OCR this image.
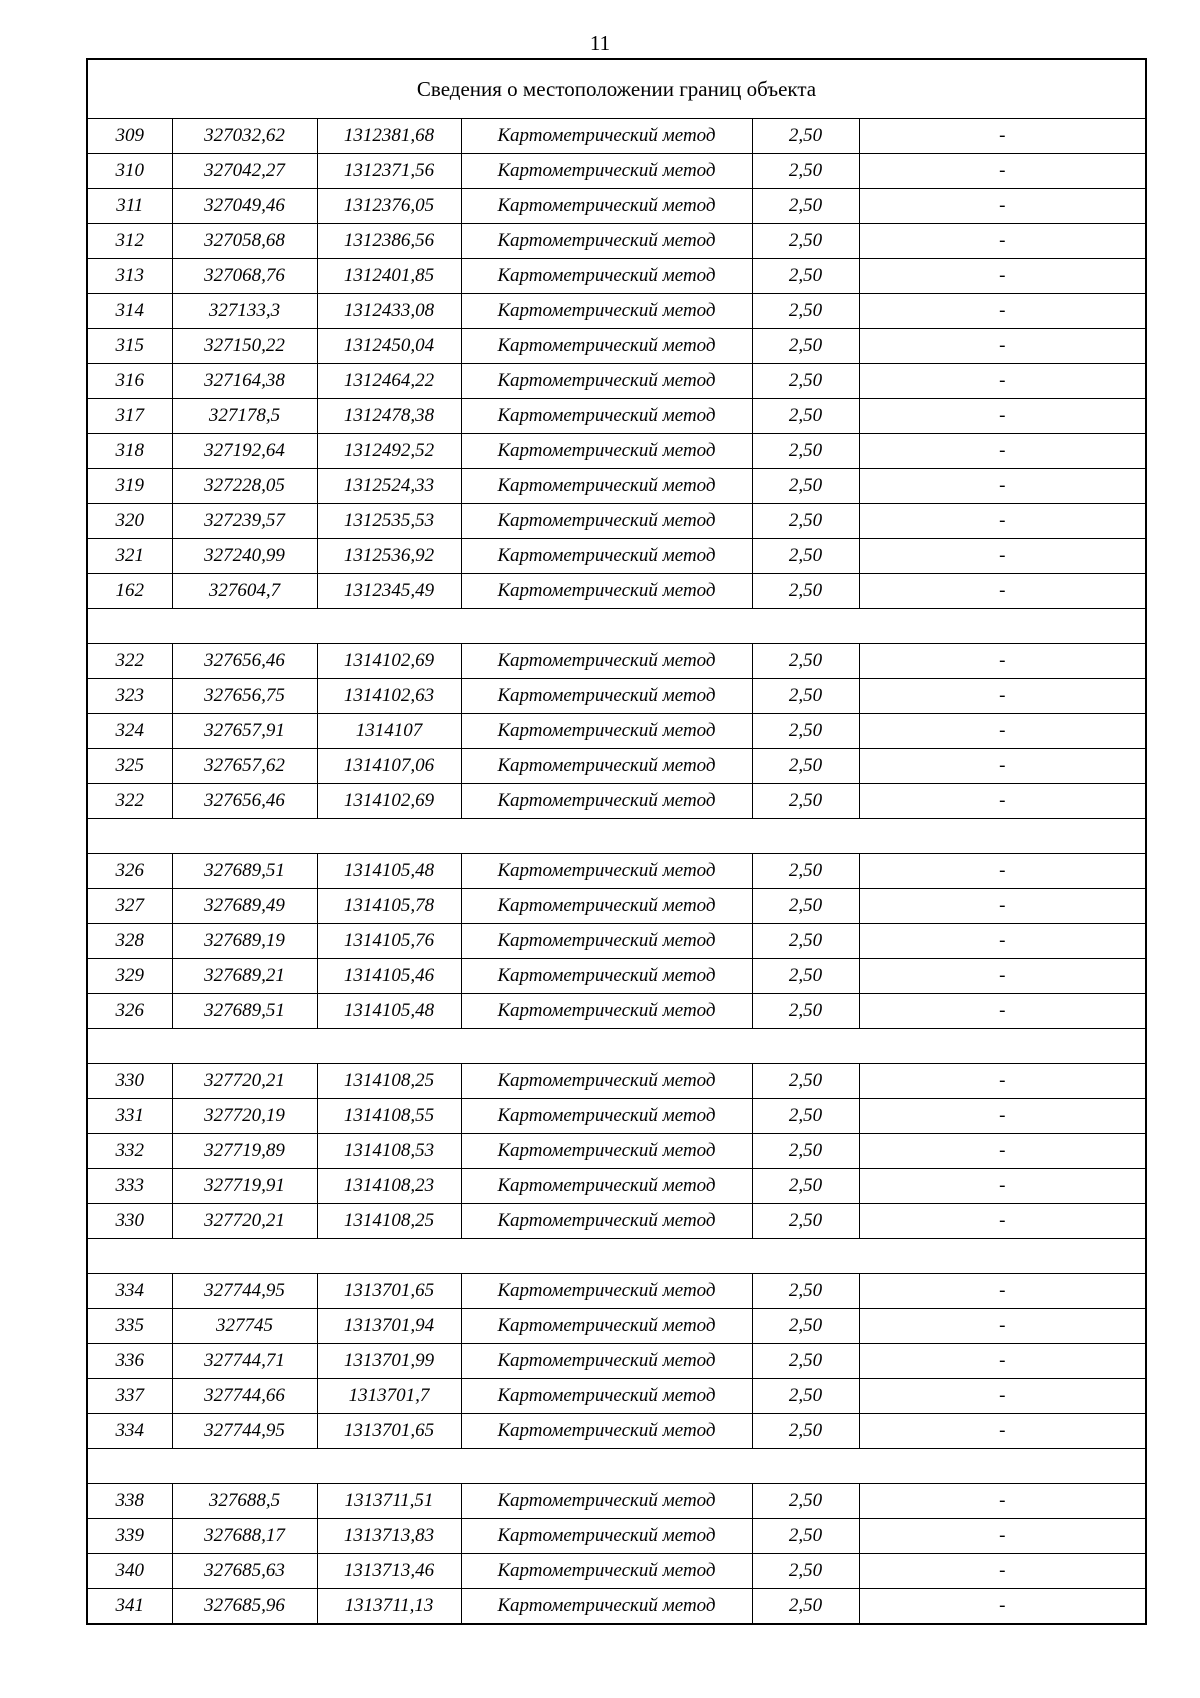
11
Сведения о местоположении границ объекта					
309	327032,62	1312381,68	Картометрический метод	2,50	-
310	327042,27	1312371,56	Картометрический метод	2,50	-
311	327049,46	1312376,05	Картометрический метод	2,50	-
312	327058,68	1312386,56	Картометрический метод	2,50	-
313	327068,76	1312401,85	Картометрический метод	2,50	-
314	327133,3	1312433,08	Картометрический метод	2,50	-
315	327150,22	1312450,04	Картометрический метод	2,50	-
316	327164,38	1312464,22	Картометрический метод	2,50	-
317	327178,5	1312478,38	Картометрический метод	2,50	-
318	327192,64	1312492,52	Картометрический метод	2,50	-
319	327228,05	1312524,33	Картометрический метод	2,50	-
320	327239,57	1312535,53	Картометрический метод	2,50	-
321	327240,99	1312536,92	Картометрический метод	2,50	-
162	327604,7	1312345,49	Картометрический метод	2,50	-

322	327656,46	1314102,69	Картометрический метод	2,50	-
323	327656,75	1314102,63	Картометрический метод	2,50	-
324	327657,91	1314107	Картометрический метод	2,50	-
325	327657,62	1314107,06	Картометрический метод	2,50	-
322	327656,46	1314102,69	Картометрический метод	2,50	-

326	327689,51	1314105,48	Картометрический метод	2,50	-
327	327689,49	1314105,78	Картометрический метод	2,50	-
328	327689,19	1314105,76	Картометрический метод	2,50	-
329	327689,21	1314105,46	Картометрический метод	2,50	-
326	327689,51	1314105,48	Картометрический метод	2,50	-

330	327720,21	1314108,25	Картометрический метод	2,50	-
331	327720,19	1314108,55	Картометрический метод	2,50	-
332	327719,89	1314108,53	Картометрический метод	2,50	-
333	327719,91	1314108,23	Картометрический метод	2,50	-
330	327720,21	1314108,25	Картометрический метод	2,50	-

334	327744,95	1313701,65	Картометрический метод	2,50	-
335	327745	1313701,94	Картометрический метод	2,50	-
336	327744,71	1313701,99	Картометрический метод	2,50	-
337	327744,66	1313701,7	Картометрический метод	2,50	-
334	327744,95	1313701,65	Картометрический метод	2,50	-

338	327688,5	1313711,51	Картометрический метод	2,50	-
339	327688,17	1313713,83	Картометрический метод	2,50	-
340	327685,63	1313713,46	Картометрический метод	2,50	-
341	327685,96	1313711,13	Картометрический метод	2,50	-
